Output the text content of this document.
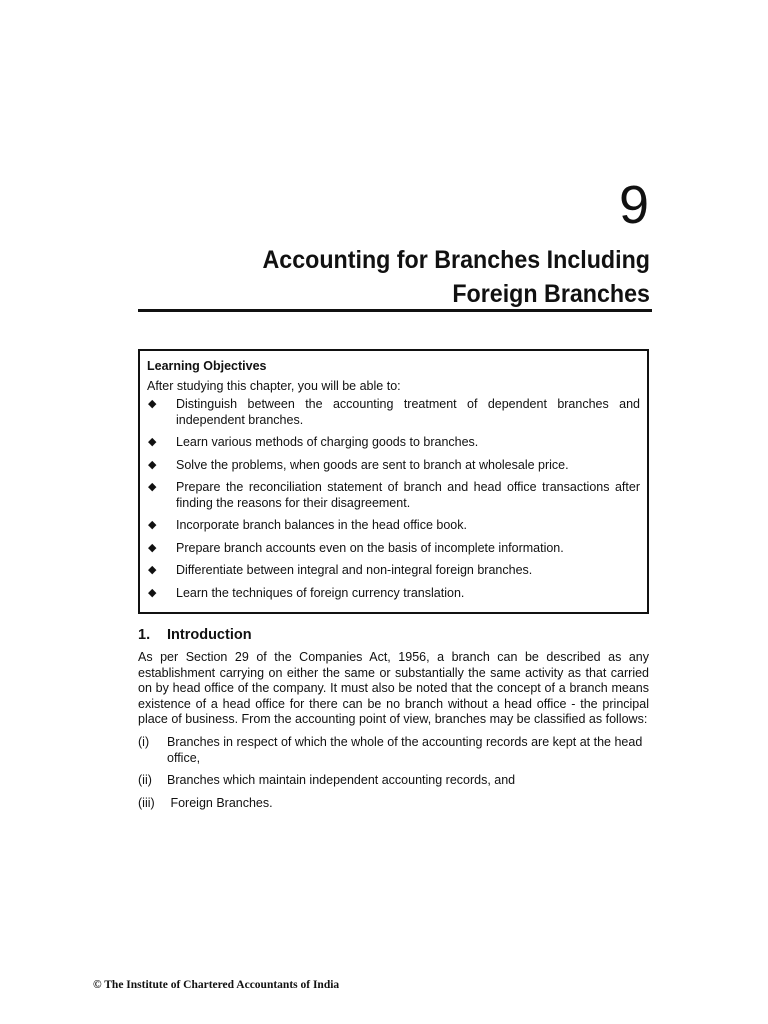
9
Accounting for Branches Including Foreign Branches
Learning Objectives
After studying this chapter, you will be able to:
◆ Distinguish between the accounting treatment of dependent branches and independent branches.
◆ Learn various methods of charging goods to branches.
◆ Solve the problems, when goods are sent to branch at wholesale price.
◆ Prepare the reconciliation statement of branch and head office transactions after finding the reasons for their disagreement.
◆ Incorporate branch balances in the head office book.
◆ Prepare branch accounts even on the basis of incomplete information.
◆ Differentiate between integral and non-integral foreign branches.
◆ Learn the techniques of foreign currency translation.
1. Introduction

As per Section 29 of the Companies Act, 1956, a branch can be described as any establishment carrying on either the same or substantially the same activity as that carried on by head office of the company. It must also be noted that the concept of a branch means existence of a head office for there can be no branch without a head office - the principal place of business. From the accounting point of view, branches may be classified as follows:

(i) Branches in respect of which the whole of the accounting records are kept at the head office,
(ii) Branches which maintain independent accounting records, and
(iii) Foreign Branches.
© The Institute of Chartered Accountants of India
